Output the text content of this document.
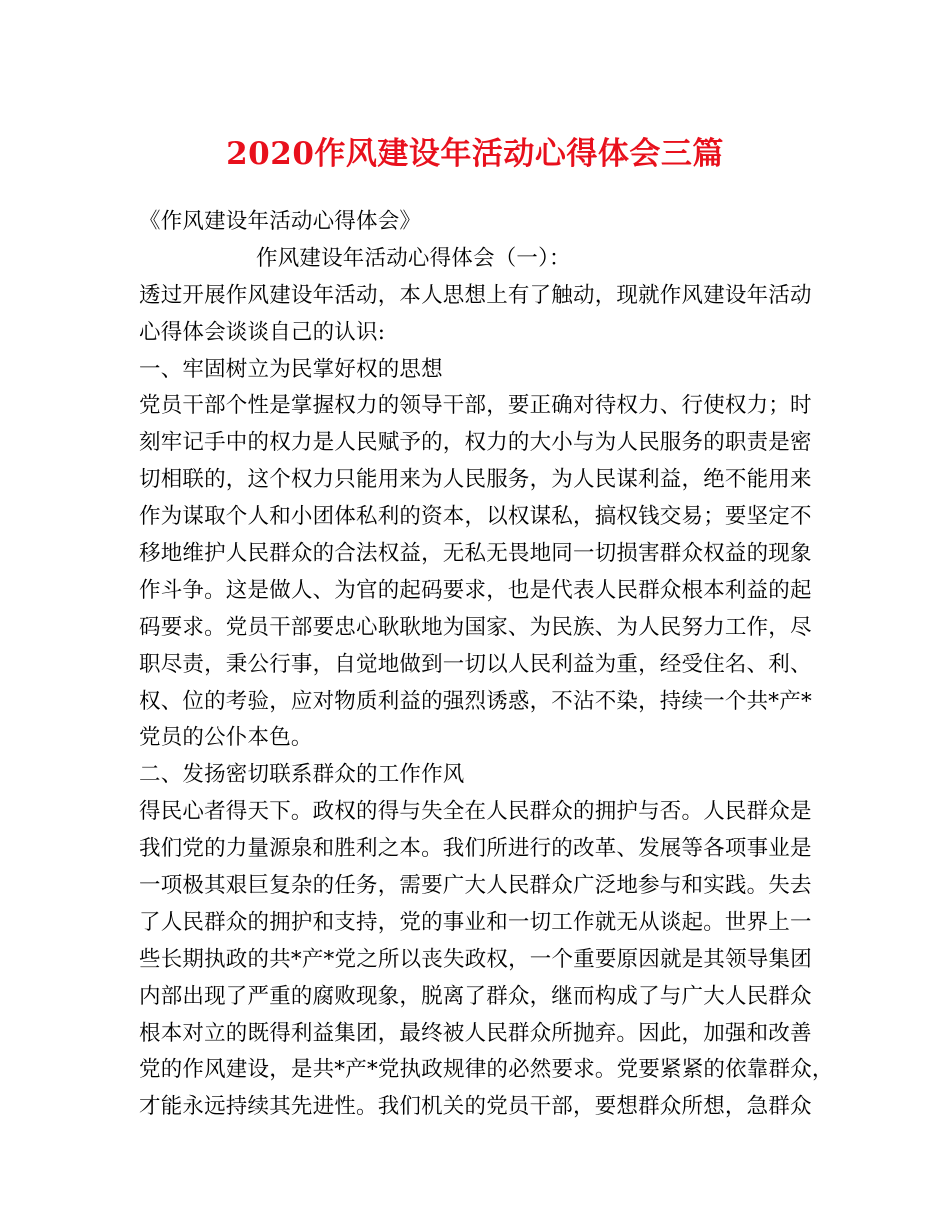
2020作风建设年活动心得体会三篇
《作风建设年活动心得体会》
作风建设年活动心得体会（一）：
透过开展作风建设年活动，本人思想上有了触动，现就作风建设年活动
心得体会谈谈自己的认识:
一、牢固树立为民掌好权的思想
党员干部个性是掌握权力的领导干部，要正确对待权力、行使权力；时
刻牢记手中的权力是人民赋予的，权力的大小与为人民服务的职责是密
切相联的，这个权力只能用来为人民服务，为人民谋利益，绝不能用来
作为谋取个人和小团体私利的资本，以权谋私，搞权钱交易；要坚定不
移地维护人民群众的合法权益，无私无畏地同一切损害群众权益的现象
作斗争。这是做人、为官的起码要求，也是代表人民群众根本利益的起
码要求。党员干部要忠心耿耿地为国家、为民族、为人民努力工作，尽
职尽责，秉公行事，自觉地做到一切以人民利益为重，经受住名、利、
权、位的考验，应对物质利益的强烈诱惑，不沾不染，持续一个共*产*
党员的公仆本色。
二、发扬密切联系群众的工作作风
得民心者得天下。政权的得与失全在人民群众的拥护与否。人民群众是
我们党的力量源泉和胜利之本。我们所进行的改革、发展等各项事业是
一项极其艰巨复杂的任务，需要广大人民群众广泛地参与和实践。失去
了人民群众的拥护和支持，党的事业和一切工作就无从谈起。世界上一
些长期执政的共*产*党之所以丧失政权，一个重要原因就是其领导集团
内部出现了严重的腐败现象，脱离了群众，继而构成了与广大人民群众
根本对立的既得利益集团，最终被人民群众所抛弃。因此，加强和改善
党的作风建设，是共*产*党执政规律的必然要求。党要紧紧的依靠群众，
才能永远持续其先进性。我们机关的党员干部，要想群众所想，急群众
